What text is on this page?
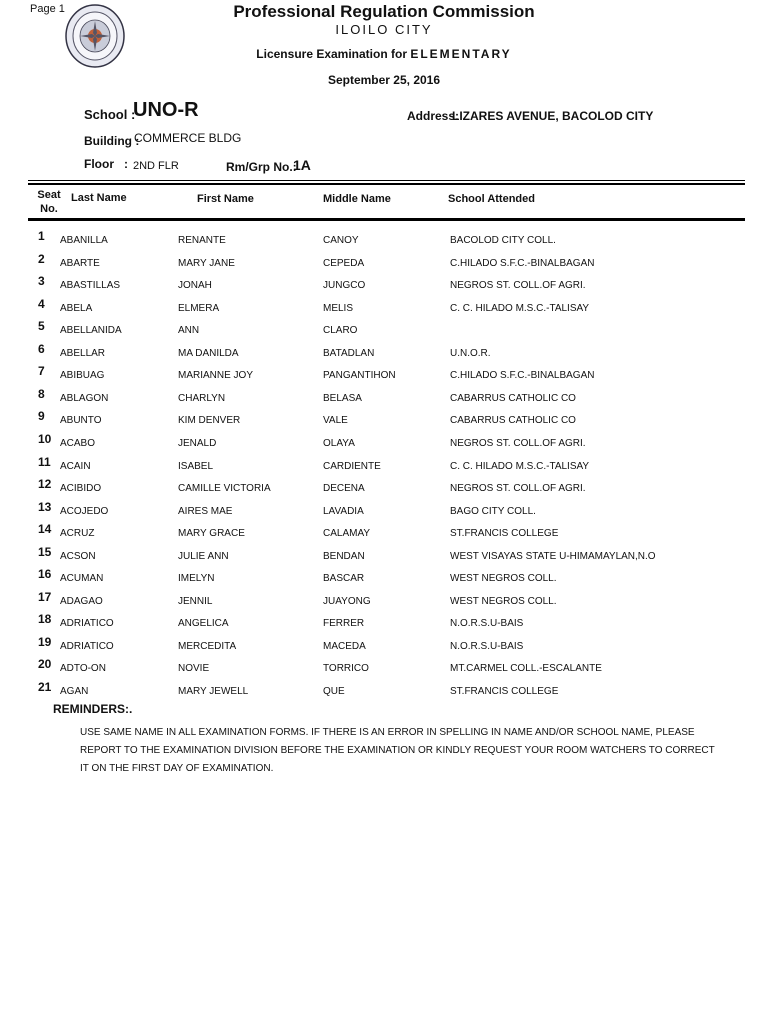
Page 1	Professional Regulation Commission
ILOILO CITY
Licensure Examination for ELEMENTARY
September 25, 2016
School :
UNO-R	Address:
LIZARES AVENUE, BACOLOD CITY
Building :
COMMERCE BLDG
Floor   : 2ND FLR	Rm/Grp No.:
1A
Seat
No.
Last Name	First Name	Middle Name	School Attended
1 ABANILLA	RENANTE	CANOY	BACOLOD CITY COLL.
2 ABARTE	MARY JANE	CEPEDA	C.HILADO S.F.C.-BINALBAGAN
3 ABASTILLAS	JONAH	JUNGCO	NEGROS ST. COLL.OF AGRI.
4 ABELA	ELMERA	MELIS	C. C. HILADO M.S.C.-TALISAY
5 ABELLANIDA	ANN	CLARO
6 ABELLAR	MA DANILDA	BATADLAN	U.N.O.R.
7 ABIBUAG	MARIANNE JOY	PANGANTIHON	C.HILADO S.F.C.-BINALBAGAN
8 ABLAGON	CHARLYN	BELASA	CABARRUS CATHOLIC CO
9 ABUNTO	KIM DENVER	VALE	CABARRUS CATHOLIC CO
10 ACABO	JENALD	OLAYA	NEGROS ST. COLL.OF AGRI.
11 ACAIN	ISABEL	CARDIENTE	C. C. HILADO M.S.C.-TALISAY
12 ACIBIDO	CAMILLE VICTORIA	DECENA	NEGROS ST. COLL.OF AGRI.
13 ACOJEDO	AIRES MAE	LAVADIA	BAGO CITY COLL.
14 ACRUZ	MARY GRACE	CALAMAY	ST.FRANCIS COLLEGE
15 ACSON	JULIE ANN	BENDAN	WEST VISAYAS STATE U-HIMAMAYLAN,N.O
16 ACUMAN	IMELYN	BASCAR	WEST NEGROS COLL.
17 ADAGAO	JENNIL	JUAYONG	WEST NEGROS COLL.
18 ADRIATICO	ANGELICA	FERRER	N.O.R.S.U-BAIS
19 ADRIATICO	MERCEDITA	MACEDA	N.O.R.S.U-BAIS
20 ADTO-ON	NOVIE	TORRICO	MT.CARMEL COLL.-ESCALANTE
21 AGAN	MARY JEWELL	QUE	ST.FRANCIS COLLEGE
REMINDERS:.
USE SAME NAME IN ALL EXAMINATION FORMS. IF THERE IS AN ERROR IN SPELLING IN NAME AND/OR SCHOOL NAME, PLEASE REPORT TO THE EXAMINATION DIVISION BEFORE THE EXAMINATION OR KINDLY REQUEST YOUR ROOM WATCHERS TO CORRECT IT ON THE FIRST DAY OF EXAMINATION.
